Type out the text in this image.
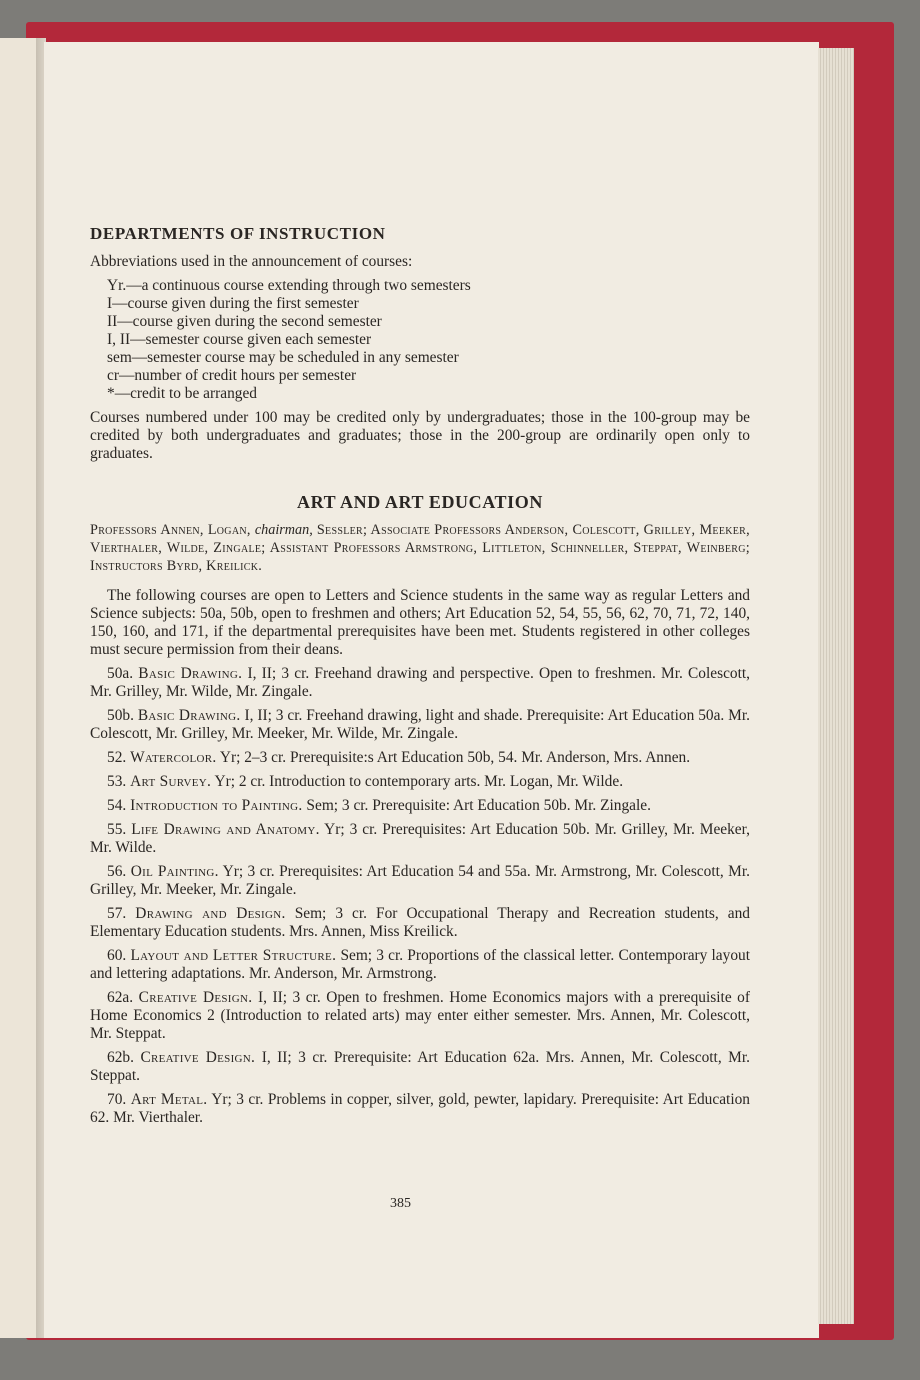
DEPARTMENTS OF INSTRUCTION

Abbreviations used in the announcement of courses:

Yr.—a continuous course extending through two semesters

I—course given during the first semester

II—course given during the second semester

I, II—semester course given each semester

sem—semester course may be scheduled in any semester

cr—number of credit hours per semester

*—credit to be arranged

Courses numbered under 100 may be credited only by undergraduates; those in the 100-group may be credited by both undergraduates and graduates; those in the 200-group are ordinarily open only to graduates.

ART AND ART EDUCATION

Professors Annen, Logan, chairman, Sessler; Associate Professors Anderson, Colescott, Grilley, Meeker, Vierthaler, Wilde, Zingale; Assistant Professors Armstrong, Littleton, Schinneller, Steppat, Weinberg; Instructors Byrd, Kreilick.

The following courses are open to Letters and Science students in the same way as regular Letters and Science subjects: 50a, 50b, open to freshmen and others; Art Education 52, 54, 55, 56, 62, 70, 71, 72, 140, 150, 160, and 171, if the departmental prerequisites have been met. Students registered in other colleges must secure permission from their deans.

50a. Basic Drawing. I, II; 3 cr. Freehand drawing and perspective. Open to freshmen. Mr. Colescott, Mr. Grilley, Mr. Wilde, Mr. Zingale.

50b. Basic Drawing. I, II; 3 cr. Freehand drawing, light and shade. Prerequisite: Art Education 50a. Mr. Colescott, Mr. Grilley, Mr. Meeker, Mr. Wilde, Mr. Zingale.

52. Watercolor. Yr; 2–3 cr. Prerequisite:s Art Education 50b, 54. Mr. Anderson, Mrs. Annen.

53. Art Survey. Yr; 2 cr. Introduction to contemporary arts. Mr. Logan, Mr. Wilde.

54. Introduction to Painting. Sem; 3 cr. Prerequisite: Art Education 50b. Mr. Zingale.

55. Life Drawing and Anatomy. Yr; 3 cr. Prerequisites: Art Education 50b. Mr. Grilley, Mr. Meeker, Mr. Wilde.

56. Oil Painting. Yr; 3 cr. Prerequisites: Art Education 54 and 55a. Mr. Armstrong, Mr. Colescott, Mr. Grilley, Mr. Meeker, Mr. Zingale.

57. Drawing and Design. Sem; 3 cr. For Occupational Therapy and Recreation students, and Elementary Education students. Mrs. Annen, Miss Kreilick.

60. Layout and Letter Structure. Sem; 3 cr. Proportions of the classical letter. Contemporary layout and lettering adaptations. Mr. Anderson, Mr. Armstrong.

62a. Creative Design. I, II; 3 cr. Open to freshmen. Home Economics majors with a prerequisite of Home Economics 2 (Introduction to related arts) may enter either semester. Mrs. Annen, Mr. Colescott, Mr. Steppat.

62b. Creative Design. I, II; 3 cr. Prerequisite: Art Education 62a. Mrs. Annen, Mr. Colescott, Mr. Steppat.

70. Art Metal. Yr; 3 cr. Problems in copper, silver, gold, pewter, lapidary. Prerequisite: Art Education 62. Mr. Vierthaler.

385
